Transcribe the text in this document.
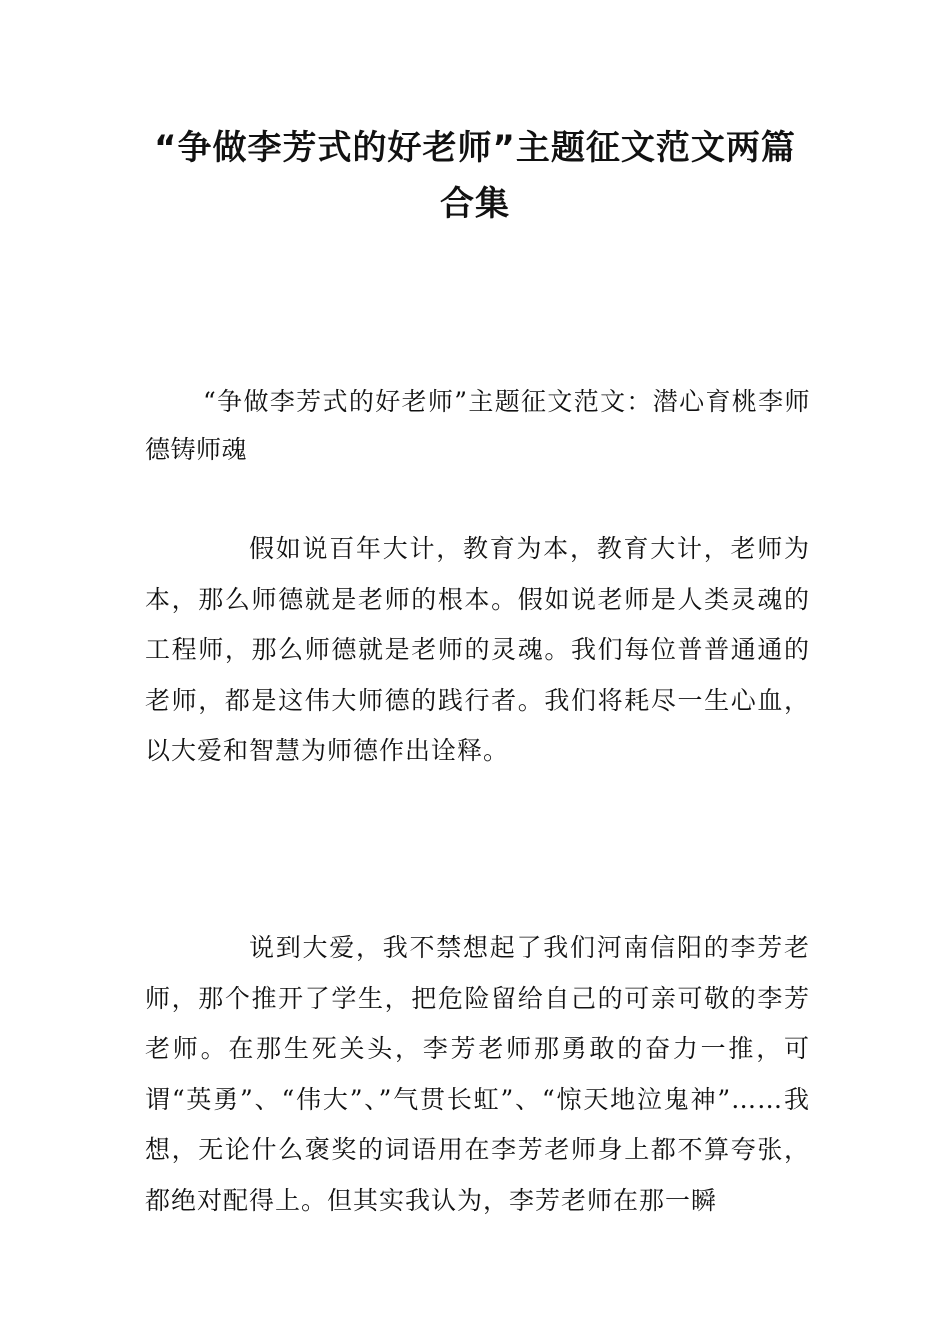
“争做李芳式的好老师”主题征文范文两篇合集
“争做李芳式的好老师”主题征文范文：潜心育桃李师德铸师魂
假如说百年大计，教育为本，教育大计，老师为本，那么师德就是老师的根本。假如说老师是人类灵魂的工程师，那么师德就是老师的灵魂。我们每位普普通通的老师，都是这伟大师德的践行者。我们将耗尽一生心血，以大爱和智慧为师德作出诠释。
说到大爱，我不禁想起了我们河南信阳的李芳老师，那个推开了学生，把危险留给自己的可亲可敬的李芳老师。在那生死关头，李芳老师那勇敢的奋力一推，可谓“英勇”、“伟大”、”气贯长虹”、“惊天地泣鬼神”……我想，无论什么褒奖的词语用在李芳老师身上都不算夸张，都绝对配得上。但其实我认为，李芳老师在那一瞬
